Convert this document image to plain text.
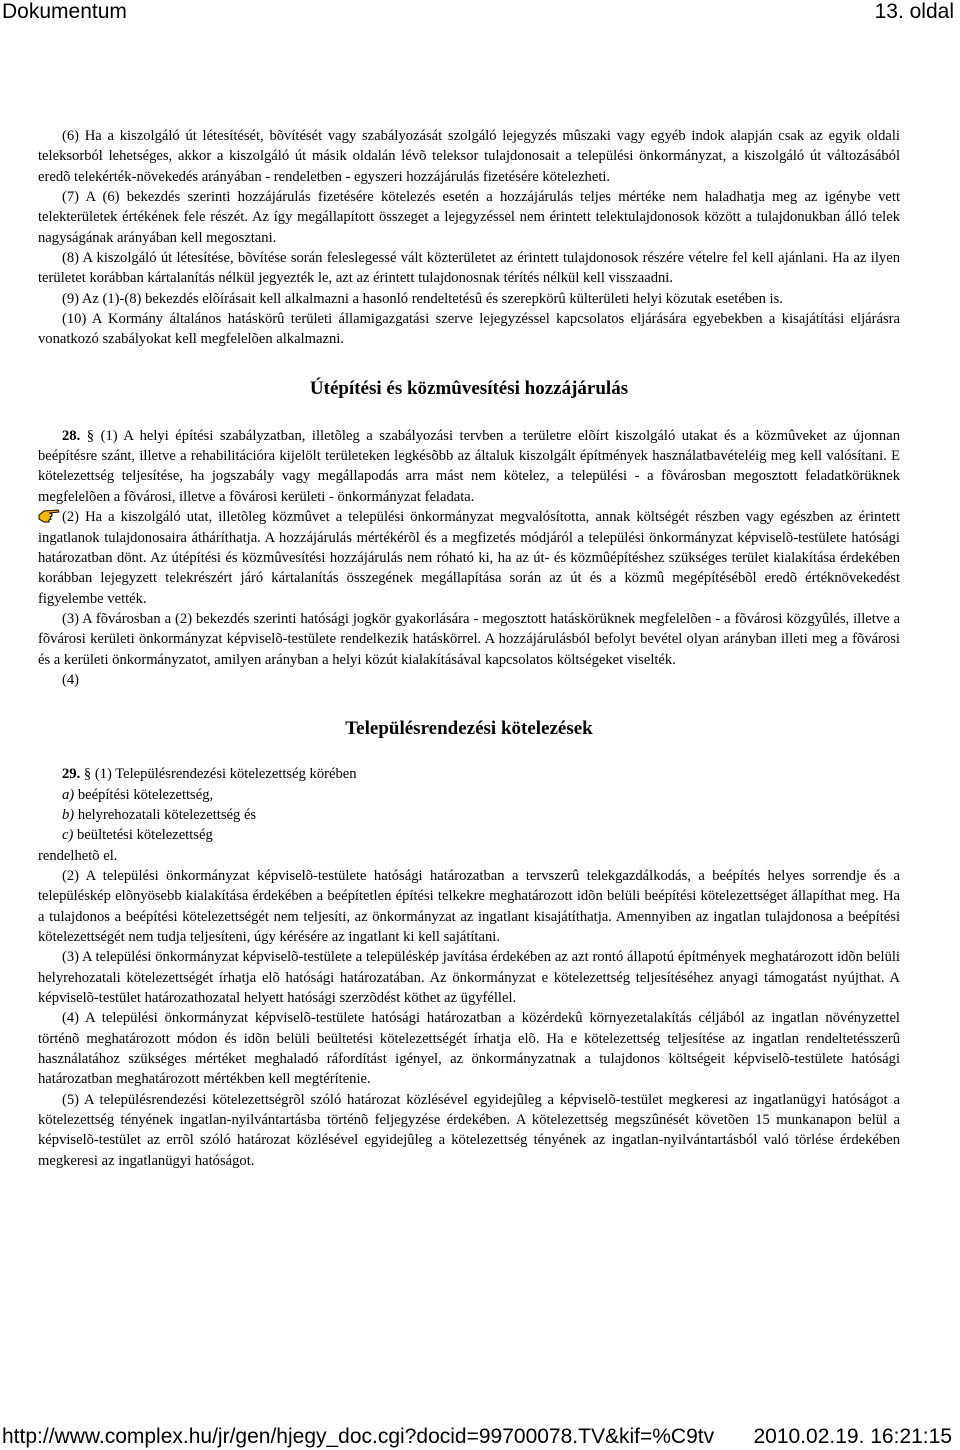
Dokumentum	13. oldal

(6) Ha a kiszolgáló út létesítését, bõvítését vagy szabályozását szolgáló lejegyzés mûszaki vagy egyéb indok alapján csak az egyik oldali teleksorból lehetséges, akkor a kiszolgáló út másik oldalán lévõ teleksor tulajdonosait a települési önkormányzat, a kiszolgáló út változásából eredõ telekérték-növekedés arányában - rendeletben - egyszeri hozzájárulás fizetésére kötelezheti.

(7) A (6) bekezdés szerinti hozzájárulás fizetésére kötelezés esetén a hozzájárulás teljes mértéke nem haladhatja meg az igénybe vett telekterületek értékének fele részét. Az így megállapított összeget a lejegyzéssel nem érintett telektulajdonosok között a tulajdonukban álló telek nagyságának arányában kell megosztani.

(8) A kiszolgáló út létesítése, bõvítése során feleslegessé vált közterületet az érintett tulajdonosok részére vételre fel kell ajánlani. Ha az ilyen területet korábban kártalanítás nélkül jegyezték le, azt az érintett tulajdonosnak térítés nélkül kell visszaadni.

(9) Az (1)-(8) bekezdés elõírásait kell alkalmazni a hasonló rendeltetésû és szerepkörû külterületi helyi közutak esetében is.

(10) A Kormány általános hatáskörû területi államigazgatási szerve lejegyzéssel kapcsolatos eljárására egyebekben a kisajátítási eljárásra vonatkozó szabályokat kell megfelelõen alkalmazni.

Útépítési és közmûvesítési hozzájárulás

28. § (1) A helyi építési szabályzatban, illetõleg a szabályozási tervben a területre elõírt kiszolgáló utakat és a közmûveket az újonnan beépítésre szánt, illetve a rehabilitációra kijelölt területeken legkésõbb az általuk kiszolgált építmények használatbavételéig meg kell valósítani. E kötelezettség teljesítése, ha jogszabály vagy megállapodás arra mást nem kötelez, a települési - a fõvárosban megosztott feladatkörüknek megfelelõen a fõvárosi, illetve a fõvárosi kerületi - önkormányzat feladata.

(2) Ha a kiszolgáló utat, illetõleg közmûvet a települési önkormányzat megvalósította, annak költségét részben vagy egészben az érintett ingatlanok tulajdonosaira átháríthatja. A hozzájárulás mértékérõl és a megfizetés módjáról a települési önkormányzat képviselõ-testülete hatósági határozatban dönt. Az útépítési és közmûvesítési hozzájárulás nem róható ki, ha az út- és közmûépítéshez szükséges terület kialakítása érdekében korábban lejegyzett telekrészért járó kártalanítás összegének megállapítása során az út és a közmû megépítésébõl eredõ értéknövekedést figyelembe vették.

(3) A fõvárosban a (2) bekezdés szerinti hatósági jogkör gyakorlására - megosztott hatáskörüknek megfelelõen - a fõvárosi közgyûlés, illetve a fõvárosi kerületi önkormányzat képviselõ-testülete rendelkezik hatáskörrel. A hozzájárulásból befolyt bevétel olyan arányban illeti meg a fõvárosi és a kerületi önkormányzatot, amilyen arányban a helyi közút kialakításával kapcsolatos költségeket viselték.

(4)

Településrendezési kötelezések

29. § (1) Településrendezési kötelezettség körében

a) beépítési kötelezettség,
b) helyrehozatali kötelezettség és
c) beültetési kötelezettség

rendelhetõ el.

(2) A települési önkormányzat képviselõ-testülete hatósági határozatban a tervszerû telekgazdálkodás, a beépítés helyes sorrendje és a településkép elõnyösebb kialakítása érdekében a beépítetlen építési telkekre meghatározott idõn belüli beépítési kötelezettséget állapíthat meg. Ha a tulajdonos a beépítési kötelezettségét nem teljesíti, az önkormányzat az ingatlant kisajátíthatja. Amennyiben az ingatlan tulajdonosa a beépítési kötelezettségét nem tudja teljesíteni, úgy kérésére az ingatlant ki kell sajátítani.

(3) A települési önkormányzat képviselõ-testülete a településkép javítása érdekében az azt rontó állapotú építmények meghatározott idõn belüli helyrehozatali kötelezettségét írhatja elõ hatósági határozatában. Az önkormányzat e kötelezettség teljesítéséhez anyagi támogatást nyújthat. A képviselõ-testület határozathozatal helyett hatósági szerzõdést köthet az ügyféllel.

(4) A települési önkormányzat képviselõ-testülete hatósági határozatban a közérdekû környezetalakítás céljából az ingatlan növényzettel történõ meghatározott módon és idõn belüli beültetési kötelezettségét írhatja elõ. Ha e kötelezettség teljesítése az ingatlan rendeltetésszerû használatához szükséges mértéket meghaladó ráfordítást igényel, az önkormányzatnak a tulajdonos költségeit képviselõ-testülete hatósági határozatban meghatározott mértékben kell megtérítenie.

(5) A településrendezési kötelezettségrõl szóló határozat közlésével egyidejûleg a képviselõ-testület megkeresi az ingatlanügyi hatóságot a kötelezettség tényének ingatlan-nyilvántartásba történõ feljegyzése érdekében. A kötelezettség megszûnését követõen 15 munkanapon belül a képviselõ-testület az errõl szóló határozat közlésével egyidejûleg a kötelezettség tényének az ingatlan-nyilvántartásból való törlése érdekében megkeresi az ingatlanügyi hatóságot.

http://www.complex.hu/jr/gen/hjegy_doc.cgi?docid=99700078.TV&kif=%C9tv 2010.02.19. 16:21:15
